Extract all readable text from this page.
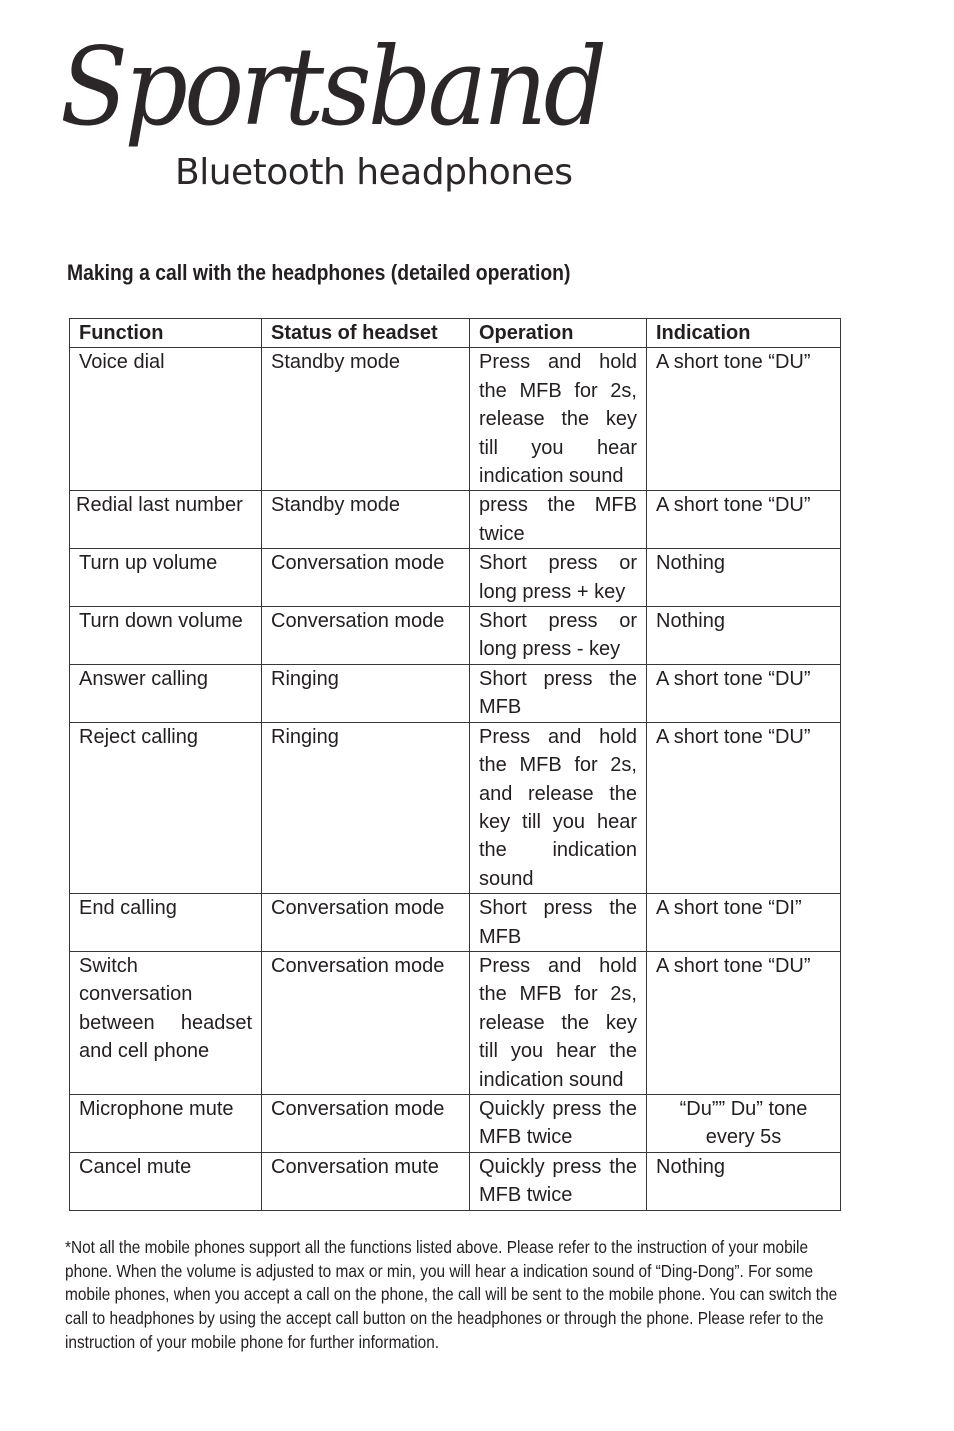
Sportsband
Bluetooth headphones
Making a call with the headphones (detailed operation)
Function	Status of headset	Operation	Indication
Voice dial	Standby mode	Press and hold the MFB for 2s, release the key till you hear indication sound	A short tone “DU”
Redial last number	Standby mode	press the MFB twice	A short tone “DU”
Turn up volume	Conversation mode	Short press or long press + key	Nothing
Turn down volume	Conversation mode	Short press or long press - key	Nothing
Answer calling	Ringing	Short press the MFB	A short tone “DU”
Reject calling	Ringing	Press and hold the MFB for 2s, and release the key till you hear the indication sound	A short tone “DU”
End calling	Conversation mode	Short press the MFB	A short tone “DI”
Switch conversation between headset and cell phone	Conversation mode	Press and hold the MFB for 2s, release the key till you hear the indication sound	A short tone “DU”
Microphone mute	Conversation mode	Quickly press the MFB twice	“Du”” Du” tone every 5s
Cancel mute	Conversation mute	Quickly press the MFB twice	Nothing

*Not all the mobile phones support all the functions listed above. Please refer to the instruction of your mobile phone. When the volume is adjusted to max or min, you will hear a indication sound of “Ding-Dong”. For some mobile phones, when you accept a call on the phone, the call will be sent to the mobile phone. You can switch the call to headphones by using the accept call button on the headphones or through the phone. Please refer to the instruction of your mobile phone for further information.
